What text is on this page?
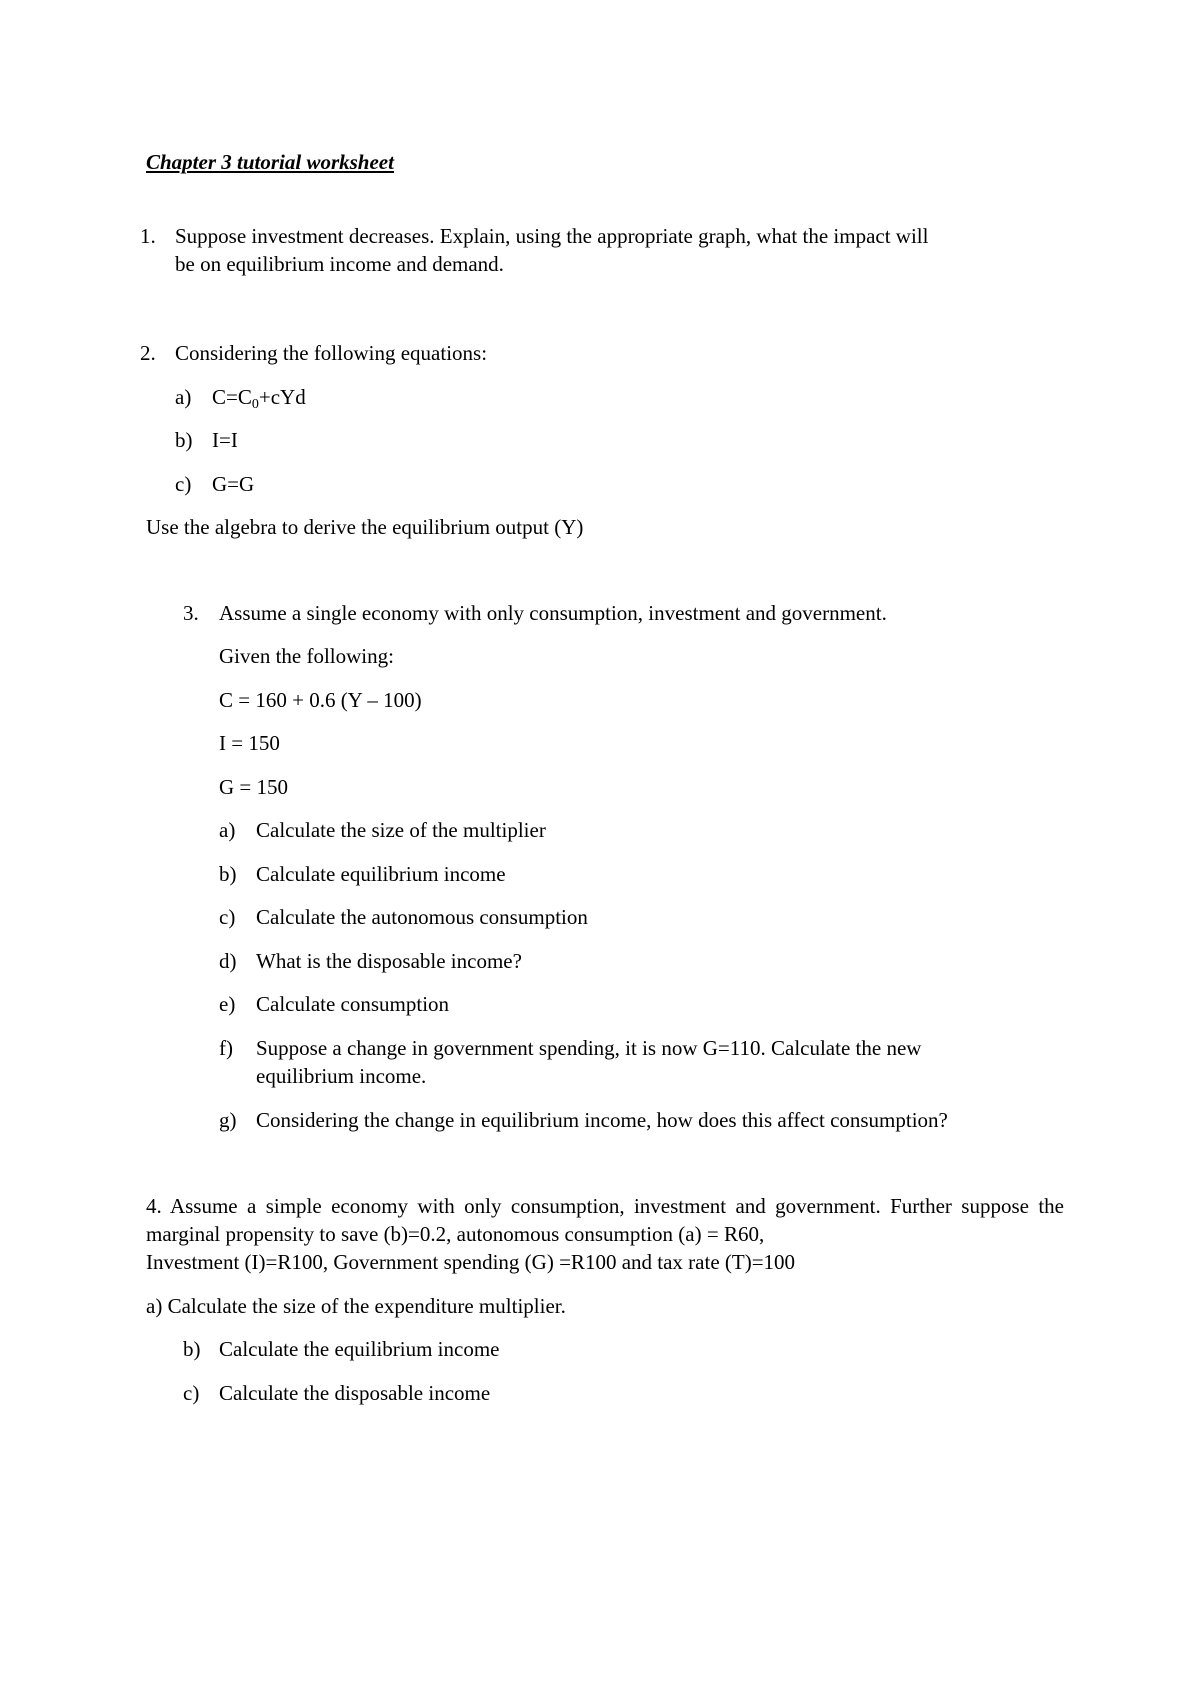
Chapter 3 tutorial worksheet
1. Suppose investment decreases. Explain, using the appropriate graph, what the impact will
be on equilibrium income and demand.
2. Considering the following equations:
a) $C=C_0+cYd$
b) I=I
c) G=G
Use the algebra to derive the equilibrium output (Y)
3. Assume a single economy with only consumption, investment and government.
Given the following:
C = 160 + 0.6 (Y – 100)
I = 150
G = 150
a) Calculate the size of the multiplier
b) Calculate equilibrium income
c) Calculate the autonomous consumption
d) What is the disposable income?
e) Calculate consumption
f) Suppose a change in government spending, it is now G=110. Calculate the new
equilibrium income.
g) Considering the change in equilibrium income, how does this affect consumption?
4. Assume a simple economy with only consumption, investment and government. Further suppose the marginal propensity to save (b)=0.2, autonomous consumption (a) = R60,
Investment (I)=R100, Government spending (G) =R100 and tax rate (T)=100
a) Calculate the size of the expenditure multiplier.
b) Calculate the equilibrium income
c) Calculate the disposable income
